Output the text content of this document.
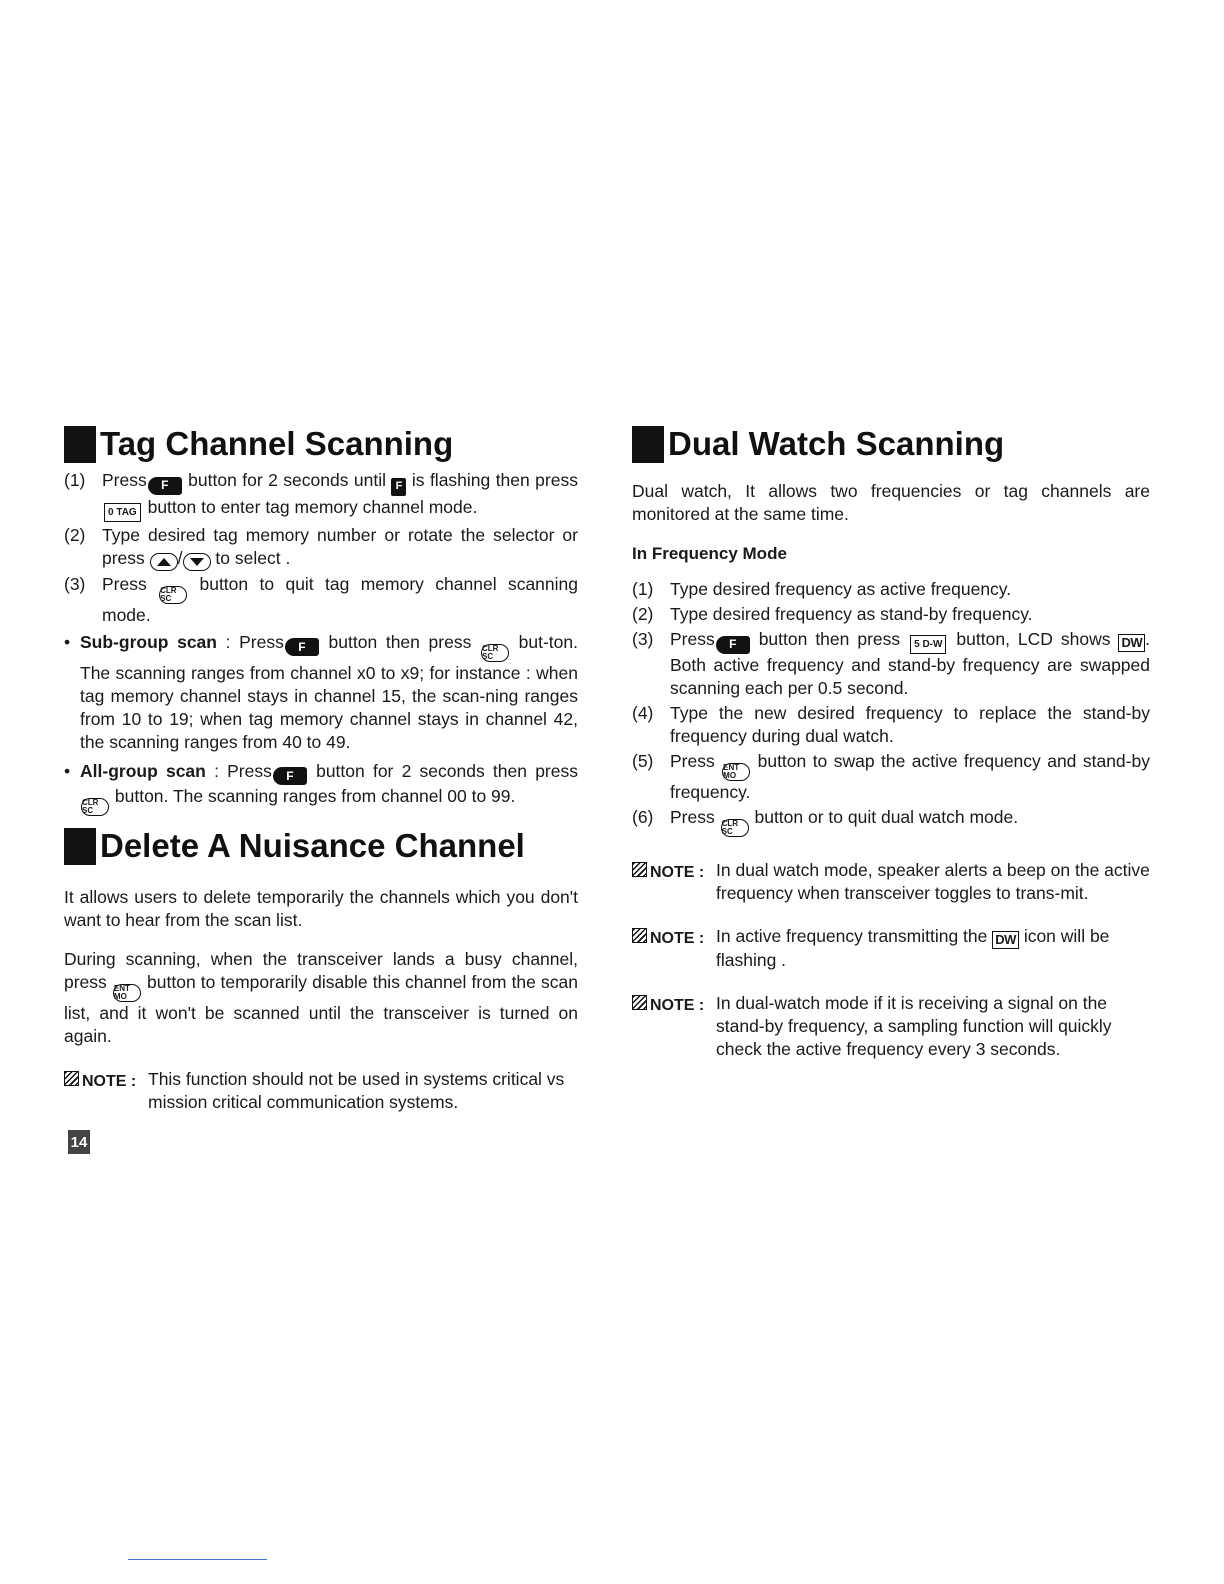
Tag Channel Scanning
(1) Press F button for 2 seconds until F is flashing then press0 TAG button to enter tag memory channel mode.
(2) Type desired tag memory number or rotate the selector or press / to select .
(3) Press CLR SC button to quit tag memory channel scanning mode.
• Sub-group scan : Press F button then press CLR SC but-ton. The scanning ranges from channel x0 to x9; for instance : when tag memory channel stays in channel 15, the scan-ning ranges from 10 to 19; when tag memory channel stays in channel 42, the scanning ranges from 40 to 49.
• All-group scan : Press F button for 2 seconds then press CLR SC button. The scanning ranges from channel 00 to 99.
Delete A Nuisance Channel

It allows users to delete temporarily the channels which you don't want to hear from the scan list.

During scanning, when the transceiver lands a busy channel, press ENT MO button to temporarily disable this channel from the scan list, and it won't be scanned until the transceiver is turned on again.

NOTE : This function should not be used in systems critical vs mission critical communication systems.
14
Dual Watch Scanning

Dual watch, It allows two frequencies or tag channels are monitored at the same time.

In Frequency Mode
(1) Type desired frequency as active frequency.
(2) Type desired frequency as stand-by frequency.
(3) Press F button then press 5 D-W button, LCD shows DW . Both active frequency and stand-by frequency are swapped scanning each per 0.5 second.
(4) Type the new desired frequency to replace the stand-by frequency during dual watch.
(5) Press ENT MO button to swap the active frequency and stand-by frequency.
(6) Press CLR SC button or to quit dual watch mode.
NOTE : In dual watch mode, speaker alerts a beep on the active frequency when transceiver toggles to trans-mit.
NOTE : In active frequency transmitting the DW icon will be flashing .
NOTE : In dual-watch mode if it is receiving a signal on the stand-by frequency, a sampling function will quickly check the active frequency every 3 seconds.
